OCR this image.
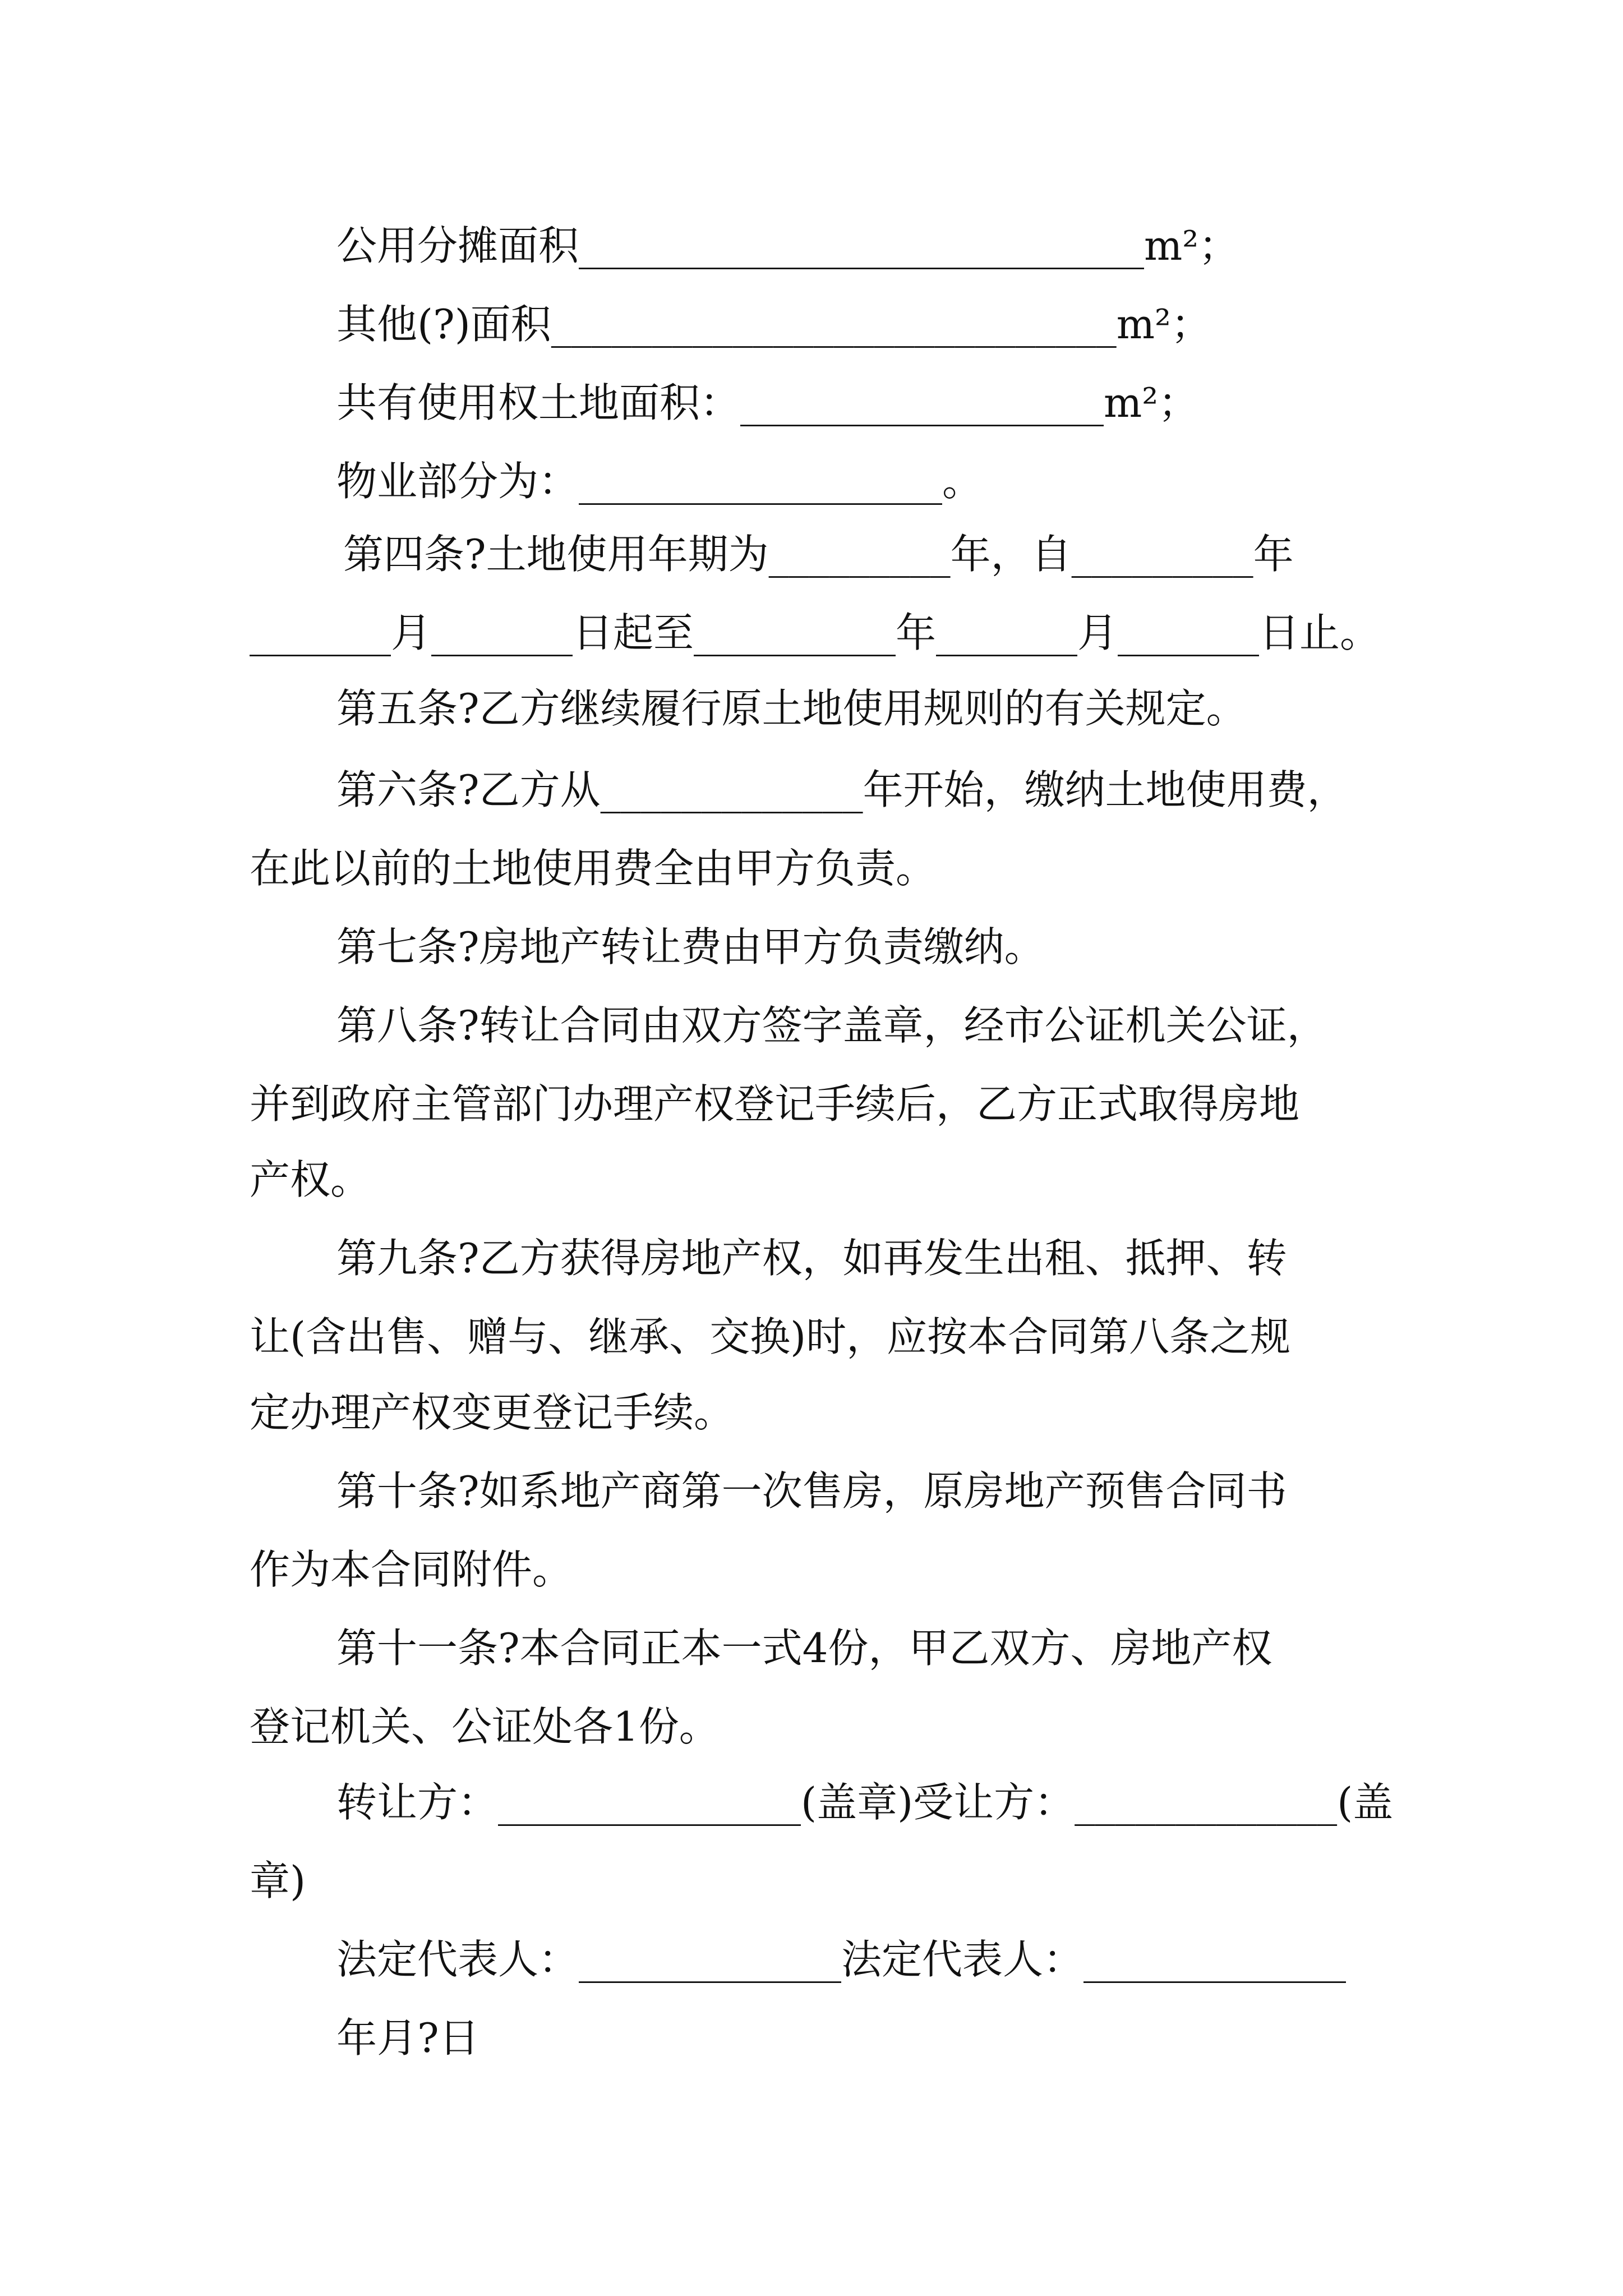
公用分摊面积____________________________m²；
其他(?)面积____________________________m²；
共有使用权土地面积：__________________m²；
物业部分为：__________________。
第四条?土地使用年期为_________年，自_________年
_______月_______日起至__________年_______月_______日止。
第五条?乙方继续履行原土地使用规则的有关规定。
第六条?乙方从_____________年开始，缴纳土地使用费，
在此以前的土地使用费全由甲方负责。
第七条?房地产转让费由甲方负责缴纳。
第八条?转让合同由双方签字盖章，经市公证机关公证，
并到政府主管部门办理产权登记手续后，乙方正式取得房地
产权。
第九条?乙方获得房地产权，如再发生出租、抵押、转
让(含出售、赠与、继承、交换)时，应按本合同第八条之规
定办理产权变更登记手续。
第十条?如系地产商第一次售房，原房地产预售合同书
作为本合同附件。
第十一条?本合同正本一式4份，甲乙双方、房地产权
登记机关、公证处各1份。
转让方：_______________(盖章)受让方：_____________(盖
章)
法定代表人：_____________法定代表人：_____________
年月?日
